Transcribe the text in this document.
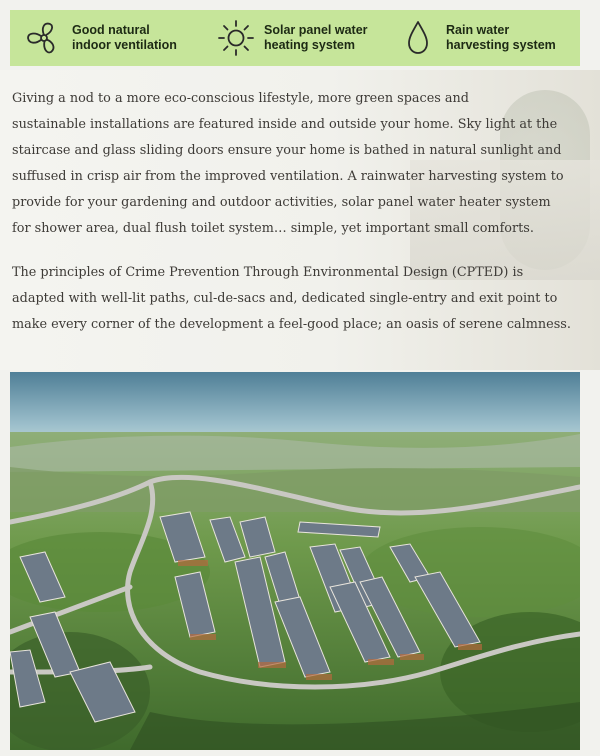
Good natural
indoor ventilation
Solar panel water
heating system
Rain water
harvesting system
Giving a nod to a more eco-conscious lifestyle, more green spaces and
sustainable installations are featured inside and outside your home. Sky light at the
staircase and glass sliding doors ensure your home is bathed in natural sunlight and
suffused in crisp air from the improved ventilation. A rainwater harvesting system to
provide for your gardening and outdoor activities, solar panel water heater system
for shower area, dual flush toilet system… simple, yet important small comforts.
The principles of Crime Prevention Through Environmental Design (CPTED) is
adapted with well-lit paths, cul-de-sacs and, dedicated single-entry and exit point to
make every corner of the development a feel-good place; an oasis of serene calmness.
